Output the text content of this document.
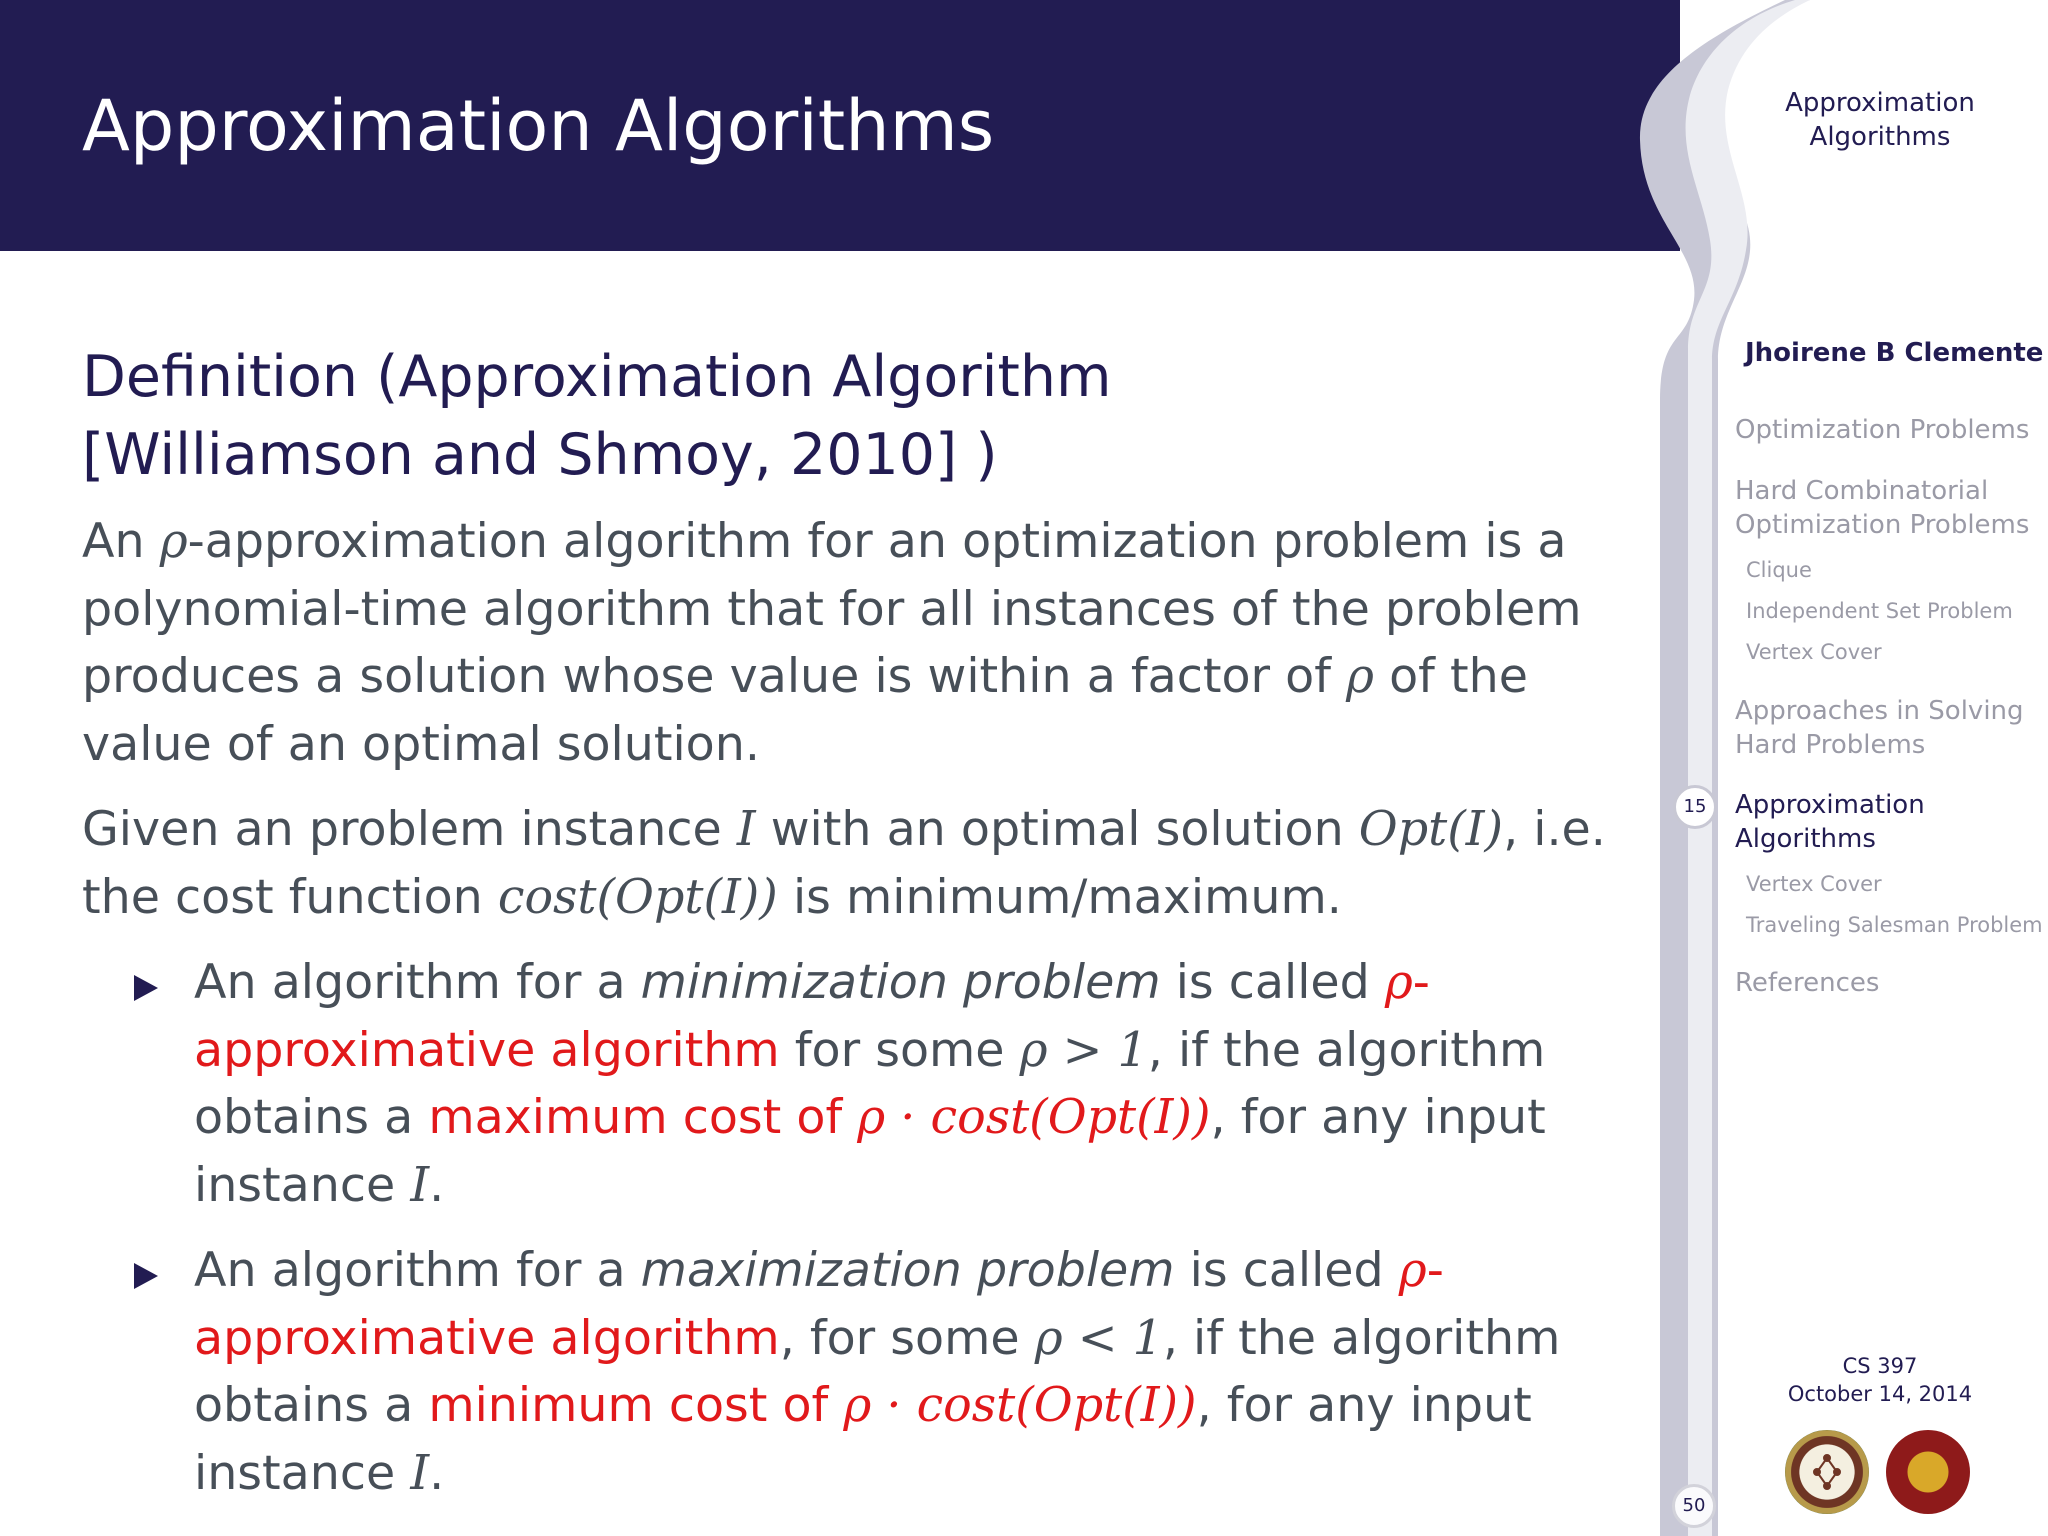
Approximation Algorithms	Approximation
Algorithms
Jhoirene B Clemente
Optimization Problems
Hard Combinatorial
Optimization Problems
Clique
Independent Set Problem
Vertex Cover
Approaches in Solving
Hard Problems
15	Approximation
Algorithms
Vertex Cover
Traveling Salesman Problem
References
CS 397
October 14, 2014
50
Definition (Approximation Algorithm
[Williamson and Shmoy, 2010] )

An ρ-approximation algorithm for an optimization problem is a polynomial-time algorithm that for all instances of the problem produces a solution whose value is within a factor of ρ of the value of an optimal solution.

Given an problem instance I with an optimal solution Opt(I), i.e. the cost function cost(Opt(I)) is minimum/maximum.

An algorithm for a minimization problem is called ρ-approximative algorithm for some ρ > 1, if the algorithm obtains a maximum cost of ρ · cost(Opt(I)), for any input instance I.
An algorithm for a maximization problem is called ρ-approximative algorithm, for some ρ < 1, if the algorithm obtains a minimum cost of ρ · cost(Opt(I)), for any input instance I.
